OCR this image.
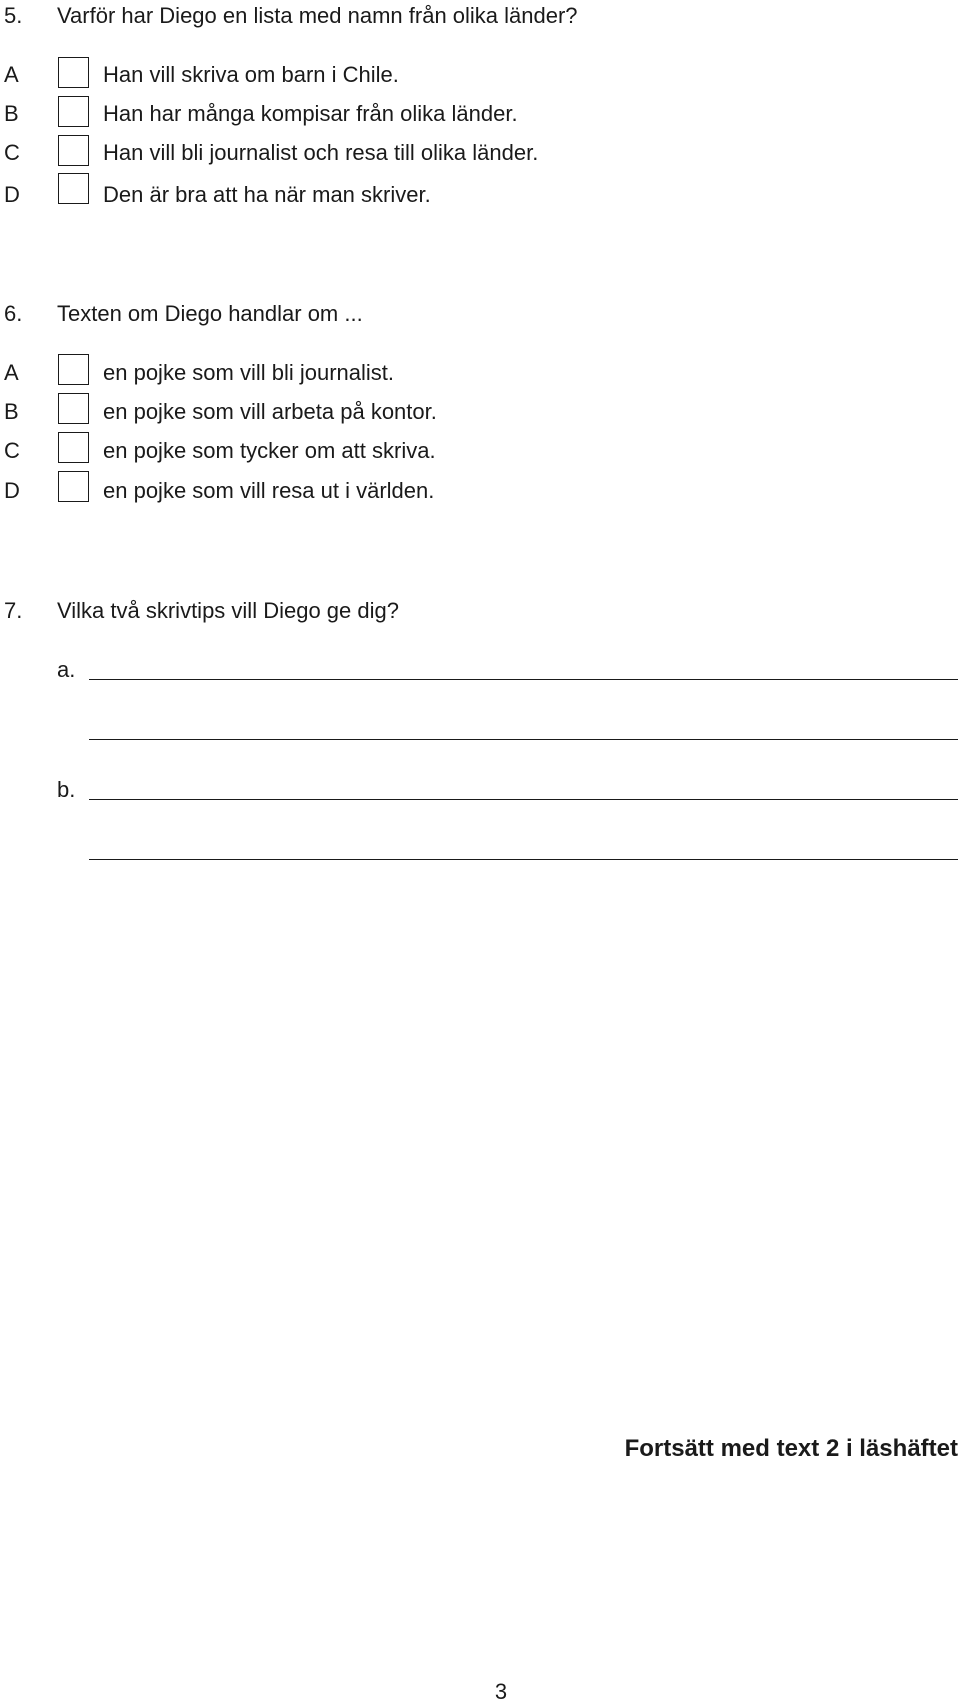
5. Varför har Diego en lista med namn från olika länder?
A	Han vill skriva om barn i Chile.
B	Han har många kompisar från olika länder.
C	Han vill bli journalist och resa till olika länder.
D	Den är bra att ha när man skriver.
6. Texten om Diego handlar om ...
A	en pojke som vill bli journalist.
B	en pojke som vill arbeta på kontor.
C	en pojke som tycker om att skriva.
D	en pojke som vill resa ut i världen.
7. Vilka två skrivtips vill Diego ge dig?
a.
b.
Fortsätt med text 2 i läshäftet
3
